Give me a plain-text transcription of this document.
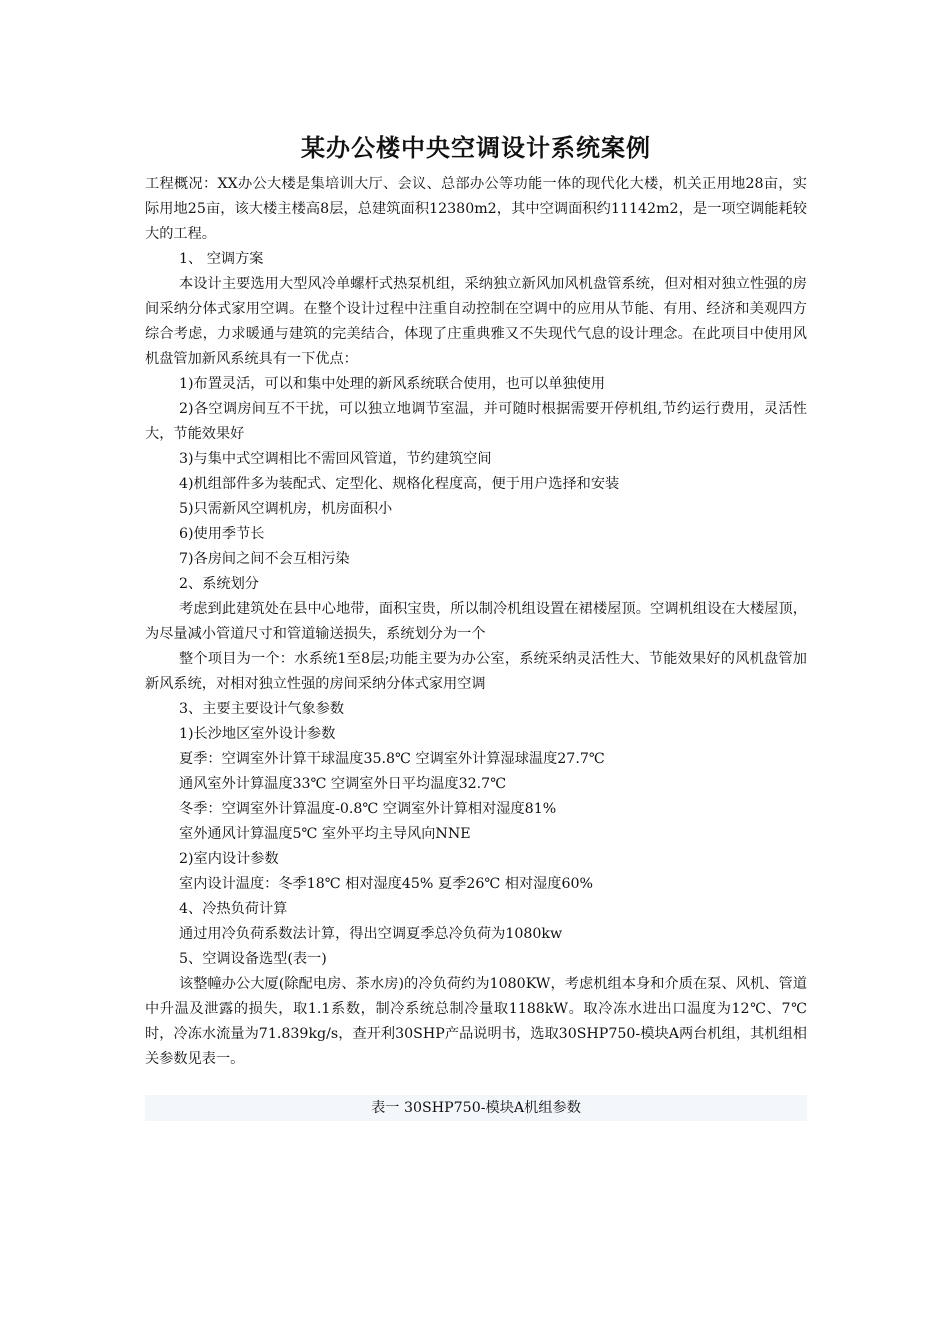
某办公楼中央空调设计系统案例

工程概况：XX办公大楼是集培训大厅、会议、总部办公等功能一体的现代化大楼，机关正用地28亩，实际用地25亩，该大楼主楼高8层，总建筑面积12380m2，其中空调面积约11142m2，是一项空调能耗较大的工程。

1、 空调方案

本设计主要选用大型风冷单螺杆式热泵机组，采纳独立新风加风机盘管系统，但对相对独立性强的房间采纳分体式家用空调。在整个设计过程中注重自动控制在空调中的应用从节能、有用、经济和美观四方综合考虑，力求暖通与建筑的完美结合，体现了庄重典雅又不失现代气息的设计理念。在此项目中使用风机盘管加新风系统具有一下优点：

1)布置灵活，可以和集中处理的新风系统联合使用，也可以单独使用

2)各空调房间互不干扰，可以独立地调节室温，并可随时根据需要开停机组,节约运行费用，灵活性大，节能效果好

3)与集中式空调相比不需回风管道，节约建筑空间

4)机组部件多为装配式、定型化、规格化程度高，便于用户选择和安装

5)只需新风空调机房，机房面积小

6)使用季节长

7)各房间之间不会互相污染

2、系统划分

考虑到此建筑处在县中心地带，面积宝贵，所以制冷机组设置在裙楼屋顶。空调机组设在大楼屋顶，为尽量减小管道尺寸和管道输送损失，系统划分为一个

整个项目为一个：水系统1至8层;功能主要为办公室，系统采纳灵活性大、节能效果好的风机盘管加新风系统，对相对独立性强的房间采纳分体式家用空调

3、主要主要设计气象参数

1)长沙地区室外设计参数

夏季：空调室外计算干球温度35.8℃ 空调室外计算湿球温度27.7℃

通风室外计算温度33℃ 空调室外日平均温度32.7℃

冬季：空调室外计算温度-0.8℃ 空调室外计算相对湿度81%

室外通风计算温度5℃ 室外平均主导风向NNE

2)室内设计参数

室内设计温度：冬季18℃ 相对湿度45% 夏季26℃ 相对湿度60%

4、冷热负荷计算

通过用冷负荷系数法计算，得出空调夏季总冷负荷为1080kw

5、空调设备选型(表一)

该整幢办公大厦(除配电房、茶水房)的冷负荷约为1080KW，考虑机组本身和介质在泵、风机、管道中升温及泄露的损失，取1.1系数，制冷系统总制冷量取1188kW。取冷冻水进出口温度为12℃、7℃时，冷冻水流量为71.839kg/s，查开利30SHP产品说明书，选取30SHP750-模块A两台机组，其机组相关参数见表一。

表一 30SHP750-模块A机组参数
